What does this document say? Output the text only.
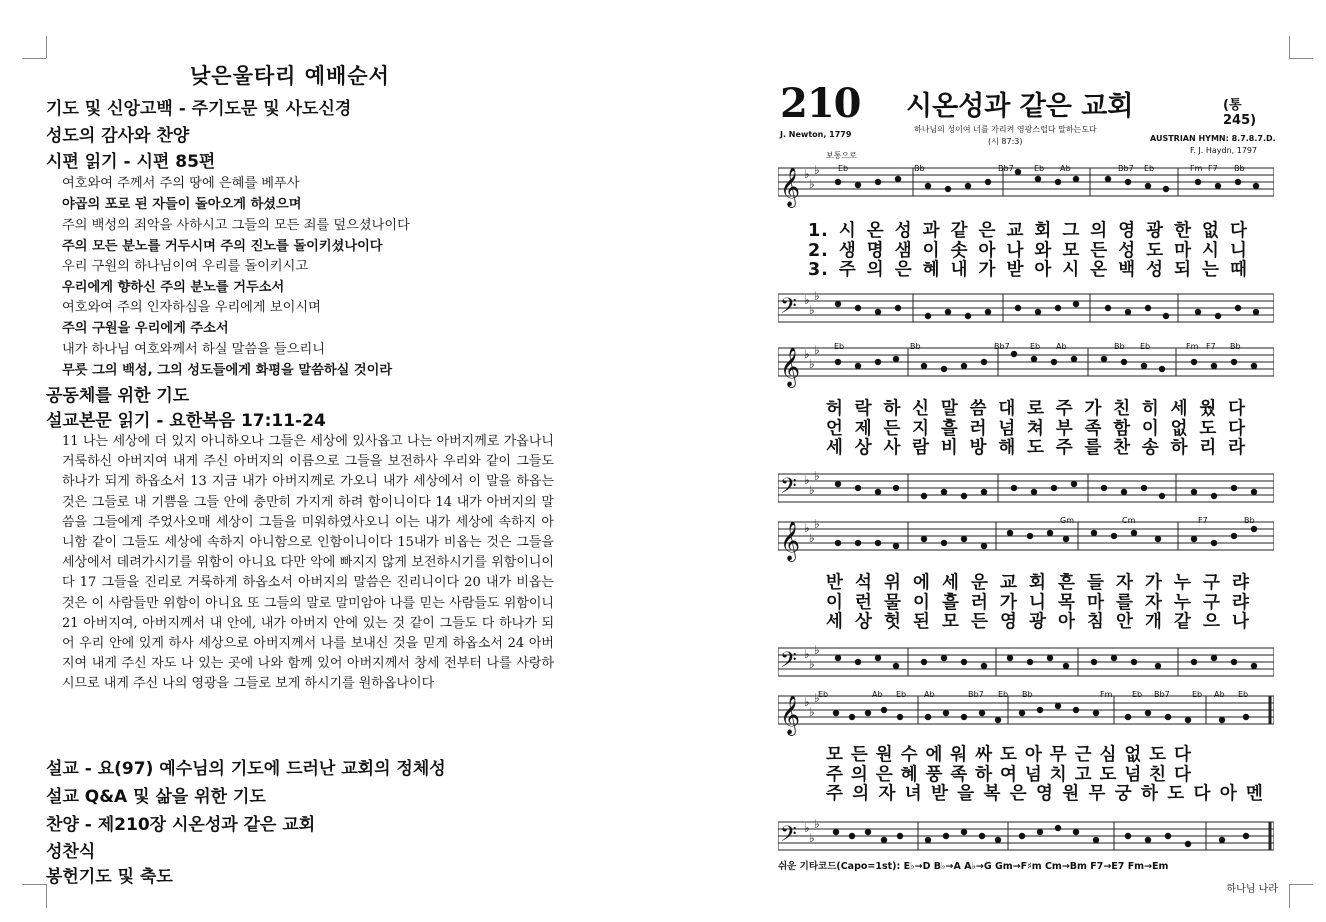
낮은울타리 예배순서
기도 및 신앙고백 - 주기도문 및 사도신경
성도의 감사와 찬양
시편 읽기 - 시편 85편
여호와여 주께서 주의 땅에 은혜를 베푸사
야곱의 포로 된 자들이 돌아오게 하셨으며
주의 백성의 죄악을 사하시고 그들의 모든 죄를 덮으셨나이다
주의 모든 분노를 거두시며 주의 진노를 돌이키셨나이다
우리 구원의 하나님이여 우리를 돌이키시고
우리에게 향하신 주의 분노를 거두소서
여호와여 주의 인자하심을 우리에게 보이시며
주의 구원을 우리에게 주소서
내가 하나님 여호와께서 하실 말씀을 들으리니
무릇 그의 백성, 그의 성도들에게 화평을 말씀하실 것이라
공동체를 위한 기도
설교본문 읽기 - 요한복음 17:11-24
11 나는 세상에 더 있지 아니하오나 그들은 세상에 있사옵고 나는 아버지께로 가옵나니 거룩하신 아버지여 내게 주신 아버지의 이름으로 그들을 보전하사 우리와 같이 그들도 하나가 되게 하옵소서 13 지금 내가 아버지께로 가오니 내가 세상에서 이 말을 하옵는 것은 그들로 내 기쁨을 그들 안에 충만히 가지게 하려 함이니이다 14 내가 아버지의 말씀을 그들에게 주었사오매 세상이 그들을 미워하였사오니 이는 내가 세상에 속하지 아니함 같이 그들도 세상에 속하지 아니함으로 인함이니이다 15내가 비옵는 것은 그들을 세상에서 데려가시기를 위함이 아니요 다만 악에 빠지지 않게 보전하시기를 위함이니이다 17 그들을 진리로 거룩하게 하옵소서 아버지의 말씀은 진리니이다 20 내가 비옵는 것은 이 사람들만 위함이 아니요 또 그들의 말로 말미암아 나를 믿는 사람들도 위함이니 21 아버지여, 아버지께서 내 안에, 내가 아버지 안에 있는 것 같이 그들도 다 하나가 되어 우리 안에 있게 하사 세상으로 아버지께서 나를 보내신 것을 믿게 하옵소서 24 아버지여 내게 주신 자도 나 있는 곳에 나와 함께 있어 아버지께서 창세 전부터 나를 사랑하시므로 내게 주신 나의 영광을 그들로 보게 하시기를 원하옵나이다
설교 - 요(97) 예수님의 기도에 드러난 교회의 정체성
설교 Q&A 및 삶을 위한 기도
찬양 - 제210장 시온성과 같은 교회
성찬식
봉헌기도 및 축도
210 시온성과 같은 교회	(통 245)
하나님의 성이여 너를 가리켜 영광스럽다 말하는도다
(시 87:3)
J. Newton, 1779	AUSTRIAN HYMN: 8.7.8.7.D.
F. J. Haydn, 1797
보통으로
𝄞
𝄢
𝄞
𝄢
𝄞
𝄢
𝄞
𝄢
♭
♭
♭
♭
♭
♭
♭
♭
♭
♭
♭
♭
♭
♭
♭
♭
♭
♭
♭
♭
♭
♭
♭
♭
Eb	Bb	Bb7	Eb Ab	Bb7 Eb	Fm F7 Bb
Eb	Bb	Bb7	Eb Ab	Bb Eb	Fm F7 Bb
Gm	Cm	F7	Bb
Eb	Ab Eb Ab	Bb7 Eb Bb	Fm Eb Bb7	Eb Ab Eb
1. 시 온 성 과 같 은 교 회 그 의 영 광 한 없 다
2. 생 명 샘 이 솟 아 나 와 모 든 성 도 마 시 니
3. 주 의 은 혜 내 가 받 아 시 온 백 성 되 는 때
허 락 하 신 말 씀 대 로 주 가 친 히 세 웠 다
언 제 든 지 흘 러 넘 쳐 부 족 함 이 없 도 다
세 상 사 람 비 방 해 도 주 를 찬 송 하 리 라
반 석 위 에 세 운 교 회 흔 들 자 가 누 구 랴
이 런 물 이 흘 러 가 니 목 마 를 자 누 구 랴
세 상 헛 된 모 든 영 광 아 침 안 개 같 으 나
모 든 원 수 에 워 싸 도 아 무 근 심 없 도 다
주 의 은 혜 풍 족 하 여 넘 치 고 도 넘 친 다
주 의 자 녀 받 을 복 은 영 원 무 궁 하 도 다 아 멘
쉬운 기타코드(Capo=1st): E♭→D B♭→A A♭→G Gm→F♯m Cm→Bm F7→E7 Fm→Em
하나님 나라
